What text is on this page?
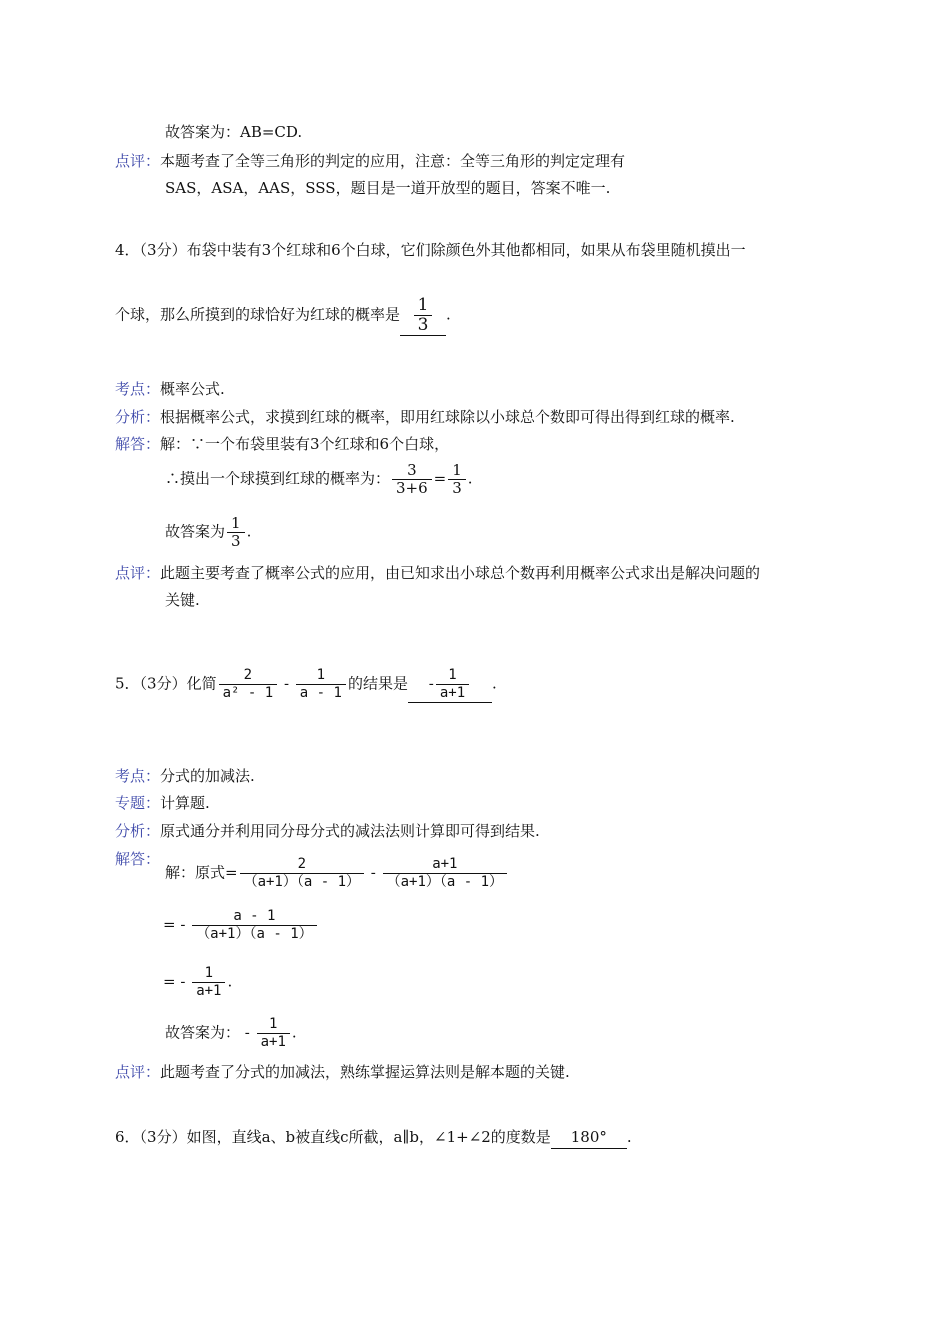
故答案为：AB=CD.
点评：本题考查了全等三角形的判定的应用，注意：全等三角形的判定定理有
SAS，ASA，AAS，SSS，题目是一道开放型的题目，答案不唯一.
4．（3分）布袋中装有3个红球和6个白球，它们除颜色外其他都相同，如果从布袋里随机摸出一
个球，那么所摸到的球恰好为红球的概率是 $\frac{1}{3}$ .
考点：概率公式.
分析：根据概率公式，求摸到红球的概率，即用红球除以小球总个数即可得出得到红球的概率.
解答：解：∵一个布袋里装有3个红球和6个白球，
∴摸出一个球摸到红球的概率为： $\frac{3}{3+6} = \frac{1}{3}$ .
故答案为 $\frac{1}{3}$ .
点评：此题主要考查了概率公式的应用，由已知求出小球总个数再利用概率公式求出是解决问题的
关键.
5．（3分）化简 $\frac{2}{\text{a² - 1}} - \frac{1}{a - 1}$ 的结果是 - $\frac{1}{a+1}$ .
考点：分式的加减法.
专题：计算题.
分析：原式通分并利用同分母分式的减法法则计算即可得到结果.
解答：
解：原式= $\frac{2}{(a+1)(a - 1)} - \frac{a+1}{(a+1)(a - 1)}$
= - $\frac{a - 1}{(a+1)(a - 1)}$
= - $\frac{1}{a+1}$ .
故答案为： - $\frac{1}{a+1}$ .
点评：此题考查了分式的加减法，熟练掌握运算法则是解本题的关键.
6．（3分）如图，直线a、b被直线c所截，a∥b，∠1+∠2的度数是 180° .
